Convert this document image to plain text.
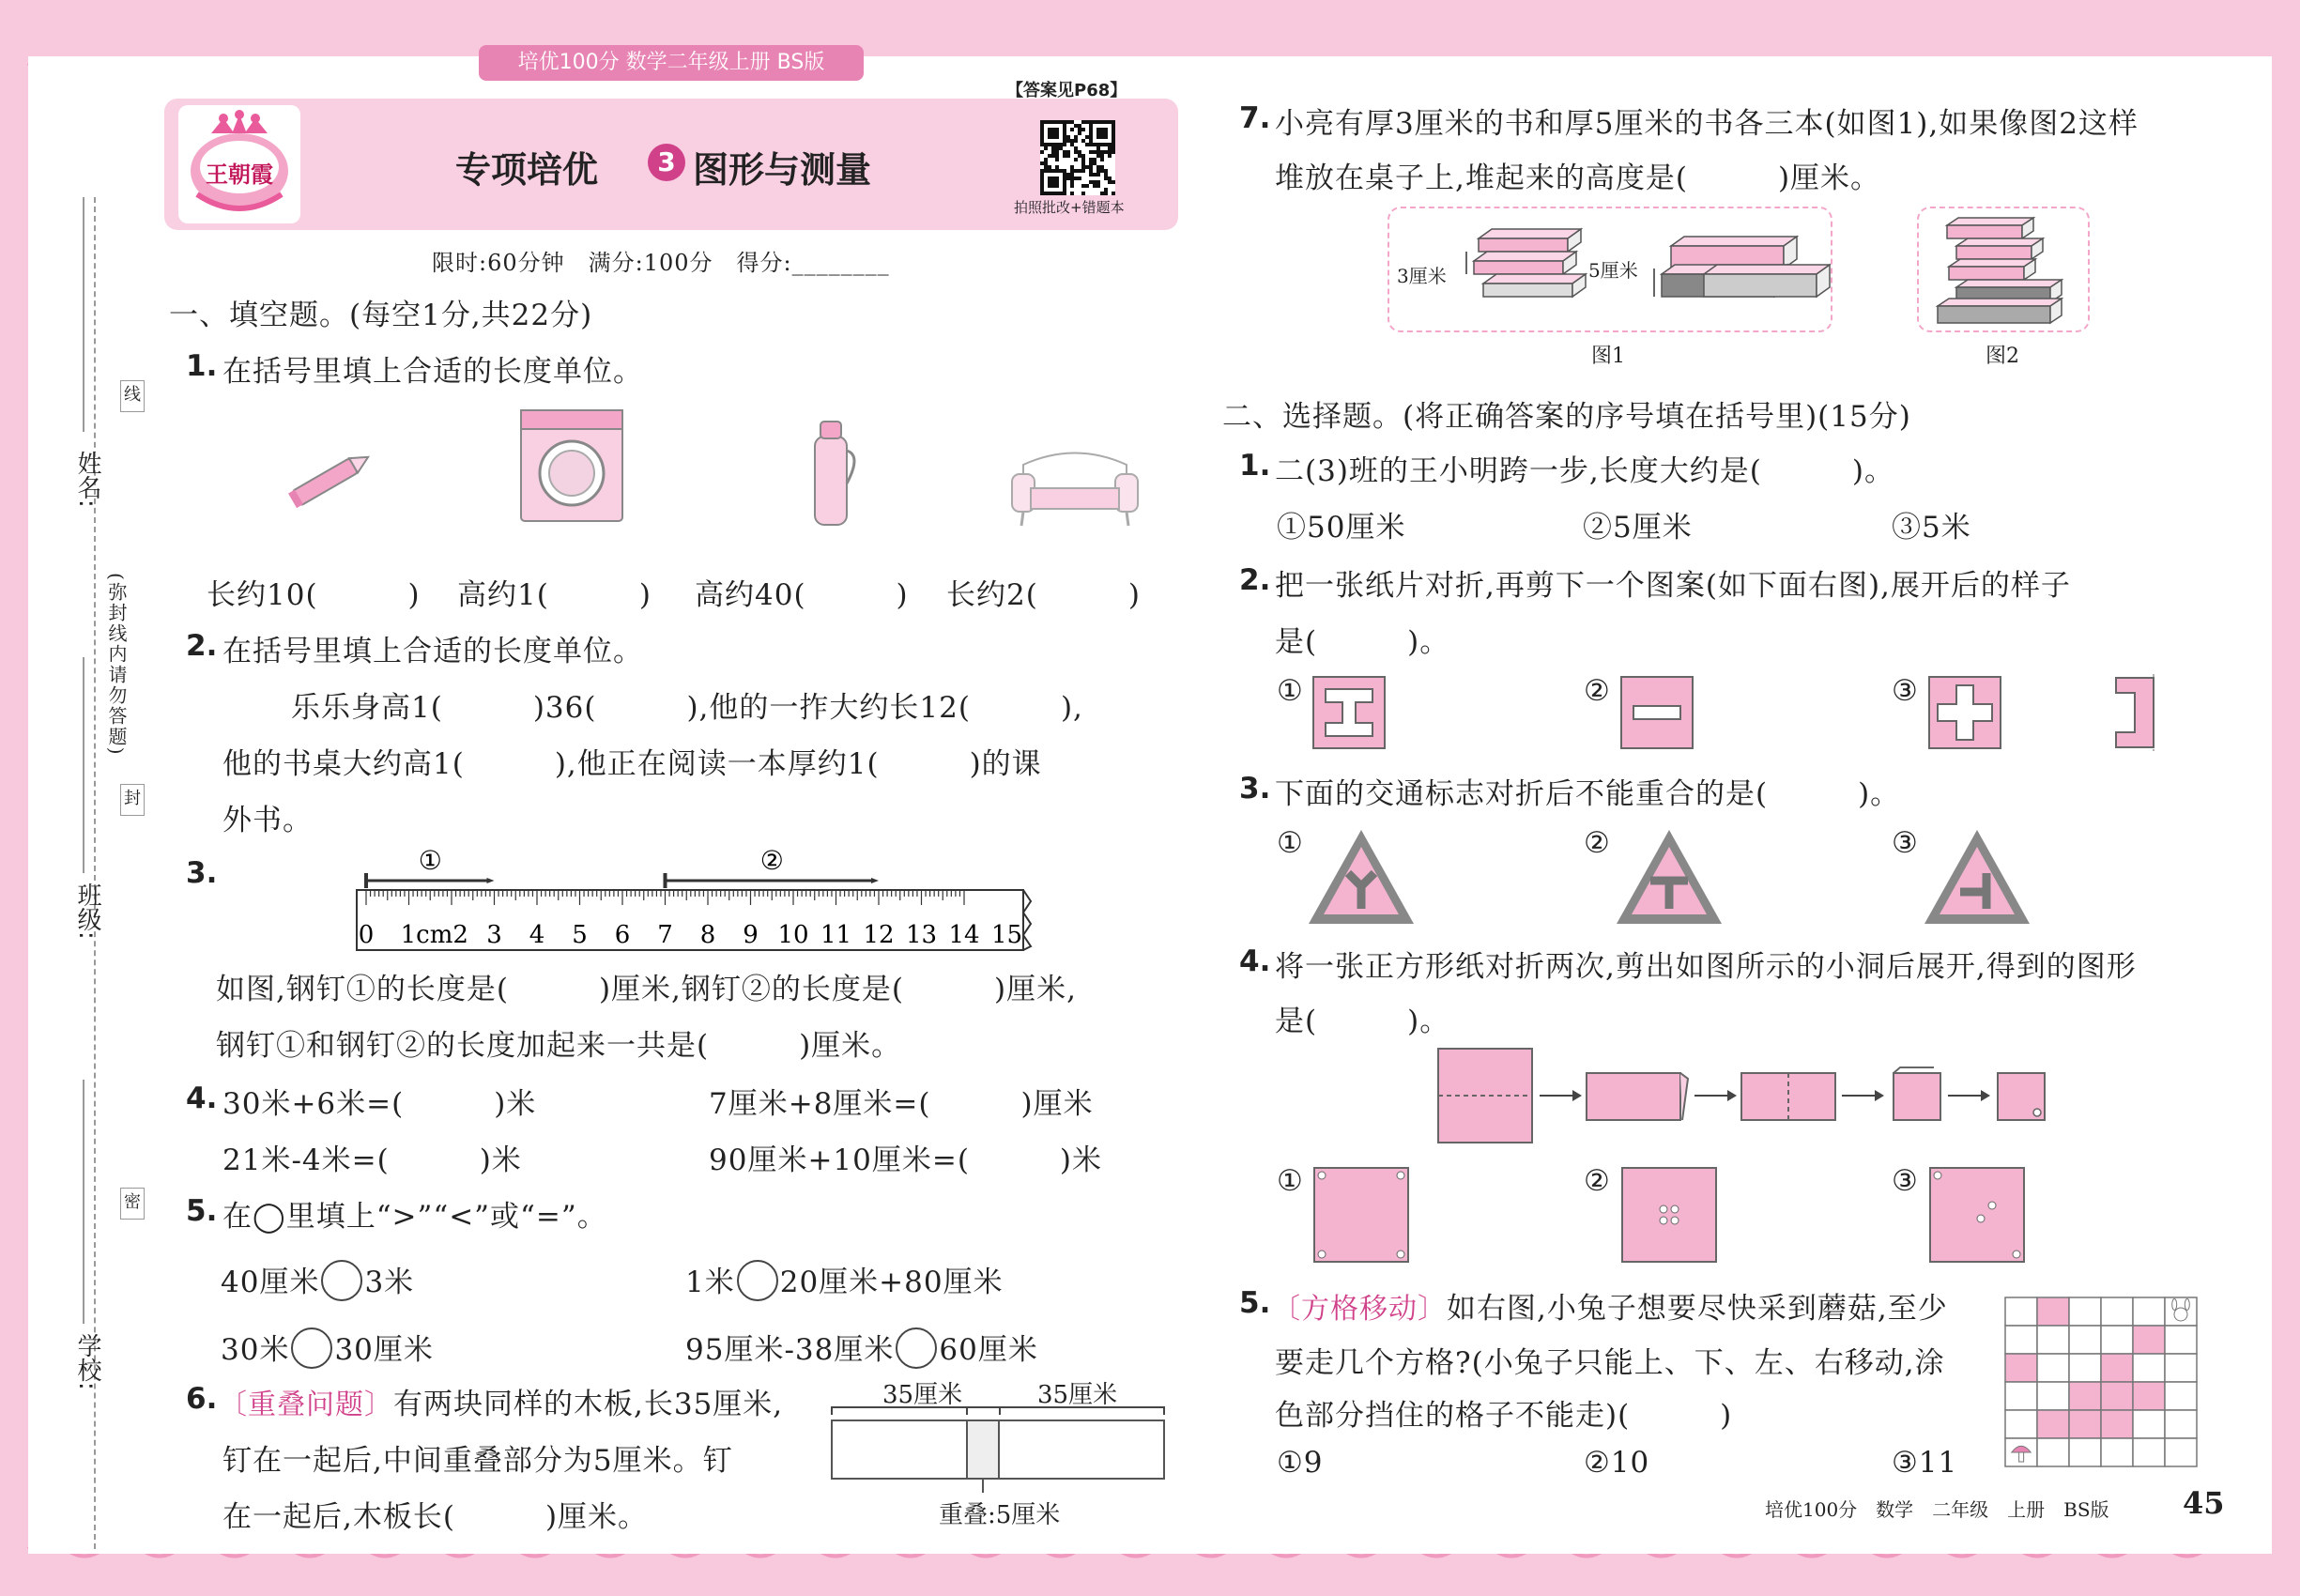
培优100分 数学二年级上册 BS版
姓名:
班级:
学校:
(弥封线内请勿答题)
线
封
密
王朝霞	专项培优	3 图形与测量
【答案见P68】
拍照批改+错题本
限时:60分钟　满分:100分　得分:________
一、填空题。(每空1分,共22分)
1. 在括号里填上合适的长度单位。
长约10(　　　) 高约1(　　　) 高约40(　　　) 长约2(　　　)
2. 在括号里填上合适的长度单位。
乐乐身高1(　　　)36(　　　),他的一拃大约长12(　　　),
他的书桌大约高1(　　　),他正在阅读一本厚约1(　　　)的课
外书。
3.
0 1cm2 3 4 5 6 7 8 9 10 11 12 13 14 15
①	②
如图,钢钉①的长度是(　　　)厘米,钢钉②的长度是(　　　)厘米,
钢钉①和钢钉②的长度加起来一共是(　　　)厘米。
4. 30米+6米=(　　　)米	7厘米+8厘米=(　　　)厘米
21米-4米=(　　　)米	90厘米+10厘米=(　　　)米
5. 在◯里填上“>”“<”或“=”。
40厘米 3米	1米 20厘米+80厘米
30米 30厘米	95厘米-38厘米 60厘米
6. 〔重叠问题〕有两块同样的木板,长35厘米,
钉在一起后,中间重叠部分为5厘米。钉
在一起后,木板长(　　　)厘米。
35厘米	35厘米
重叠:5厘米
7. 小亮有厚3厘米的书和厚5厘米的书各三本(如图1),如果像图2这样
堆放在桌子上,堆起来的高度是(　　　)厘米。
3厘米	5厘米
图1	图2
二、选择题。(将正确答案的序号填在括号里)(15分)
1. 二(3)班的王小明跨一步,长度大约是(　　　)。
①50厘米	②5厘米	③5米
2. 把一张纸片对折,再剪下一个图案(如下面右图),展开后的样子
是(　　　)。
①	②	③
3. 下面的交通标志对折后不能重合的是(　　　)。
①	②	③
4. 将一张正方形纸对折两次,剪出如图所示的小洞后展开,得到的图形
是(　　　)。
①	②	③
5. 〔方格移动〕如右图,小兔子想要尽快采到蘑菇,至少
要走几个方格?(小兔子只能上、下、左、右移动,涂
色部分挡住的格子不能走)(　　　)
①9	②10	③11
培优100分　数学　二年级　上册　BS版 45
